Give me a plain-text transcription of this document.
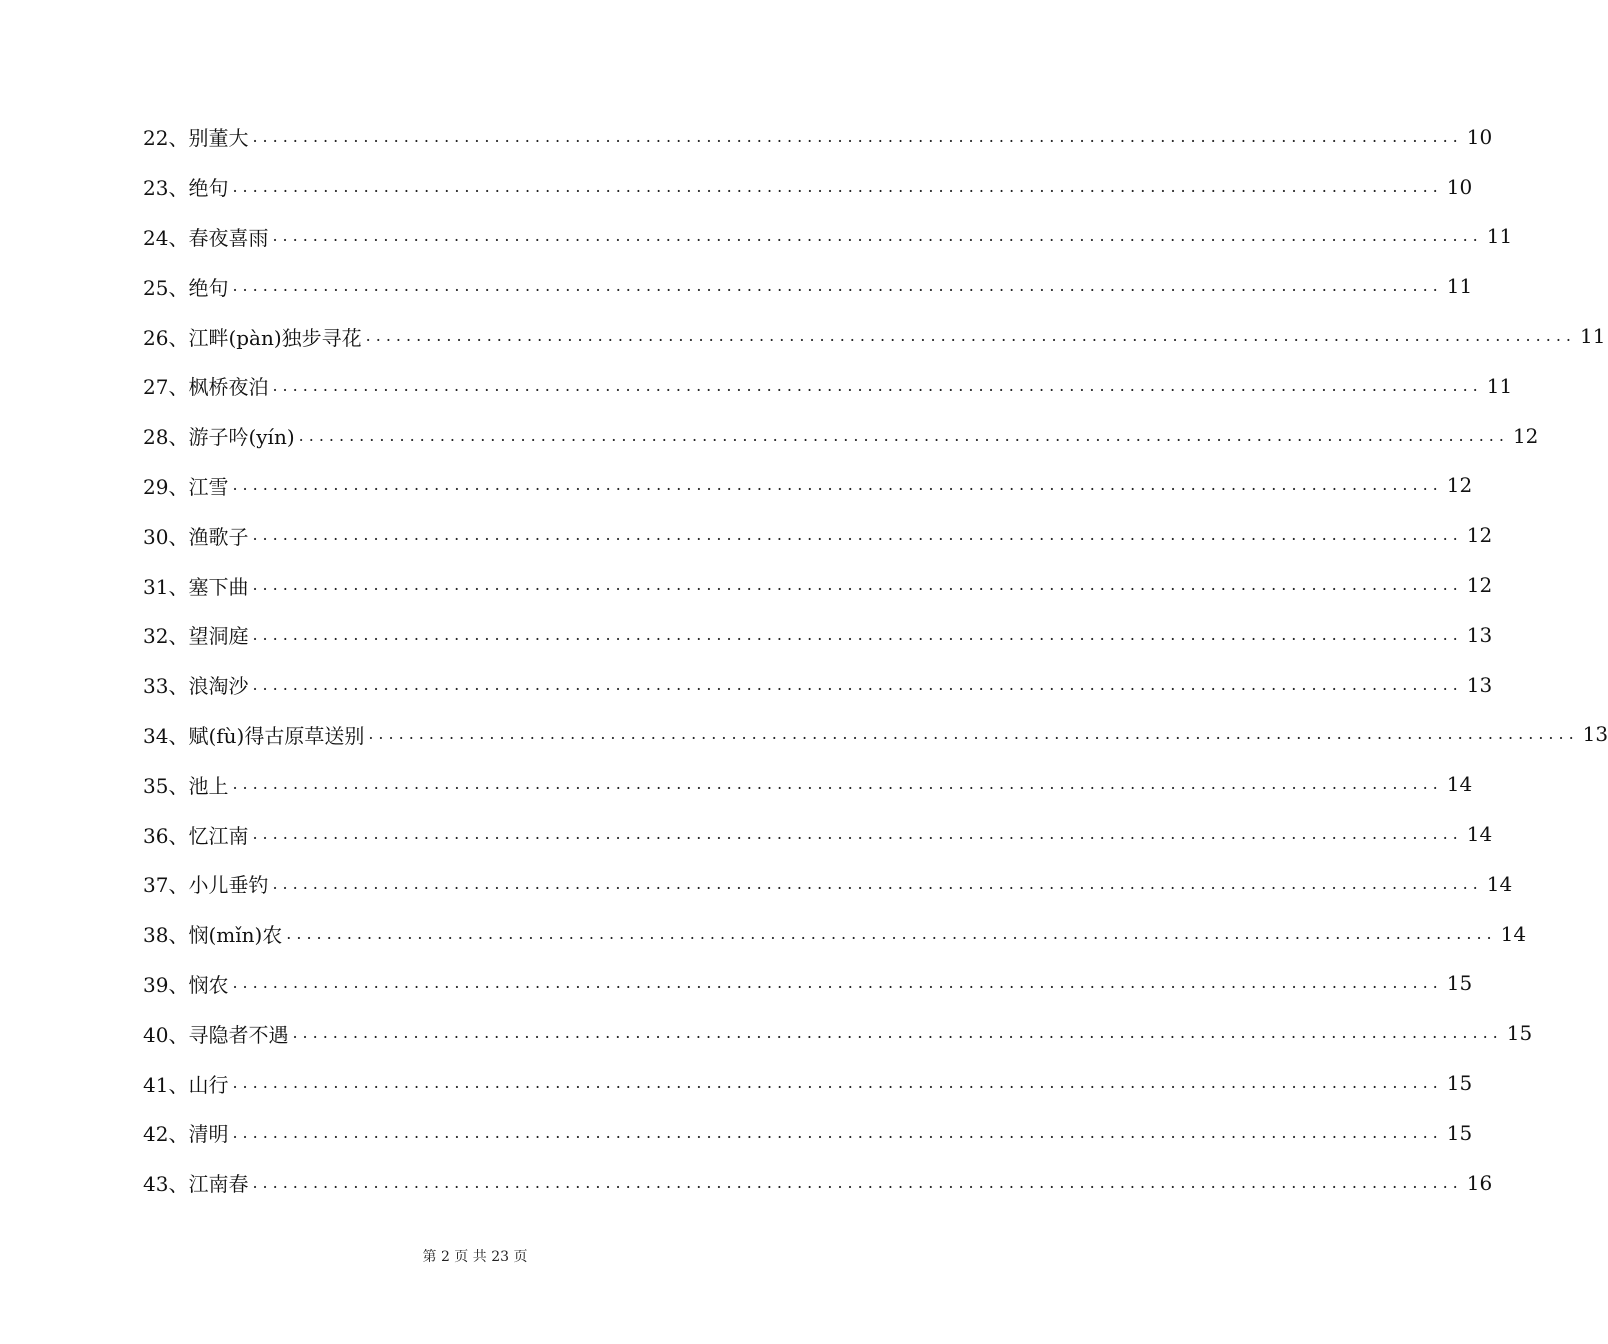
22、别董大 ........................................................................................................................ 10
23、绝句 ........................................................................................................................ 10
24、春夜喜雨 ........................................................................................................................ 11
25、绝句 ........................................................................................................................ 11
26、江畔(pàn)独步寻花 ........................................................................................................................ 11
27、枫桥夜泊 ........................................................................................................................ 11
28、游子吟(yín) ........................................................................................................................ 12
29、江雪 ........................................................................................................................ 12
30、渔歌子 ........................................................................................................................ 12
31、塞下曲 ........................................................................................................................ 12
32、望洞庭 ........................................................................................................................ 13
33、浪淘沙 ........................................................................................................................ 13
34、赋(fù)得古原草送别 ........................................................................................................................ 13
35、池上 ........................................................................................................................ 14
36、忆江南 ........................................................................................................................ 14
37、小儿垂钓 ........................................................................................................................ 14
38、悯(mǐn)农 ........................................................................................................................ 14
39、悯农 ........................................................................................................................ 15
40、寻隐者不遇 ........................................................................................................................ 15
41、山行 ........................................................................................................................ 15
42、清明 ........................................................................................................................ 15
43、江南春 ........................................................................................................................ 16
第 2 页 共 23 页
